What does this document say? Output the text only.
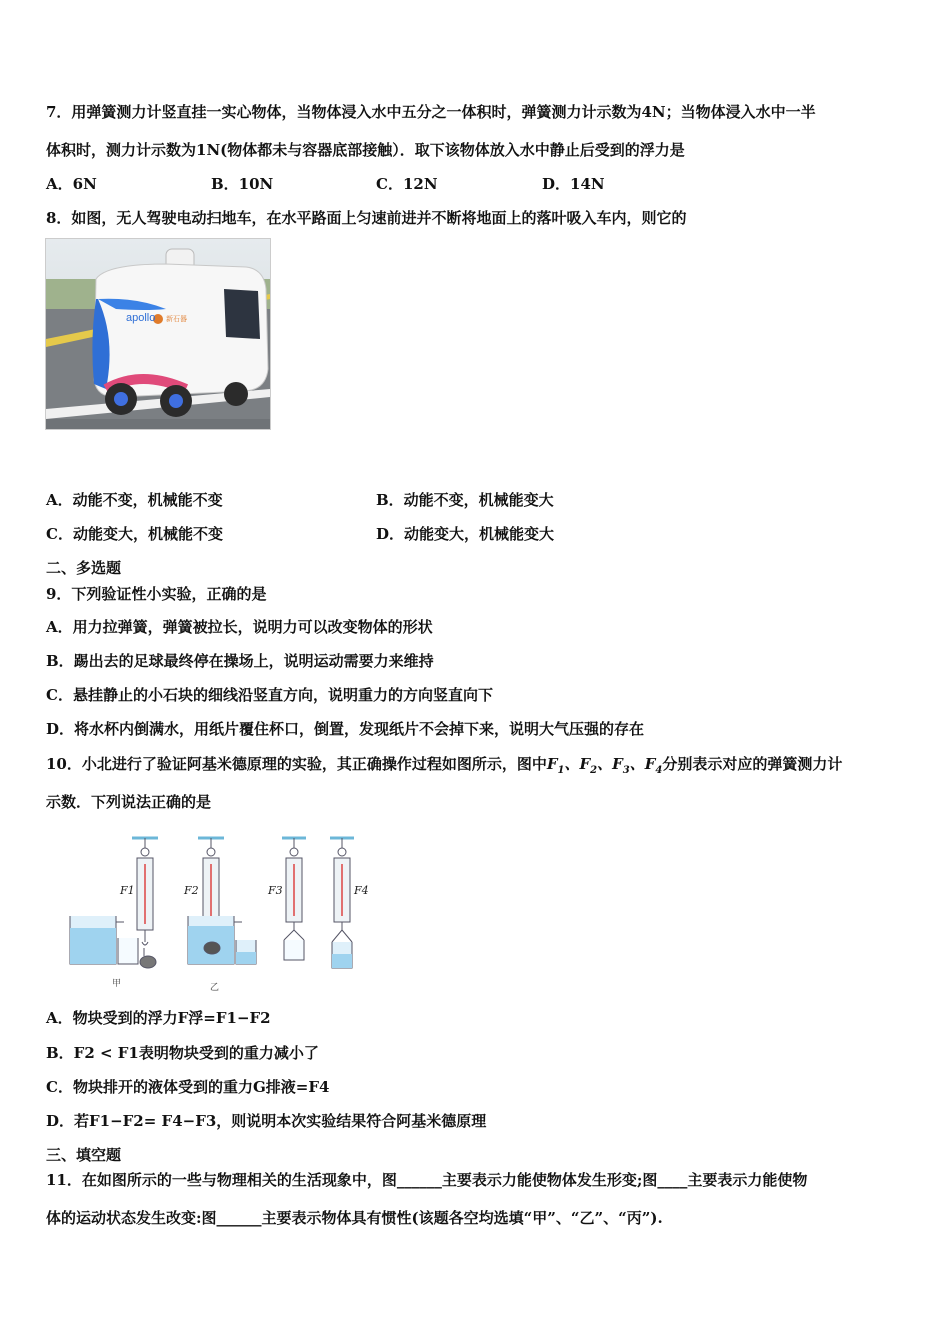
7．用弹簧测力计竖直挂一实心物体，当物体浸入水中五分之一体积时，弹簧测力计示数为4N；当物体浸入水中一半
体积时，测力计示数为1N(物体都未与容器底部接触）．取下该物体放入水中静止后受到的浮力是
A．6N	B．10N	C．12N	D．14N
8．如图，无人驾驶电动扫地车，在水平路面上匀速前进并不断将地面上的落叶吸入车内，则它的
apollo 新石器
A．动能不变，机械能不变	B．动能不变，机械能变大
C．动能变大，机械能不变	D．动能变大，机械能变大
二、多选题
9．下列验证性小实验，正确的是
A．用力拉弹簧，弹簧被拉长，说明力可以改变物体的形状
B．踢出去的足球最终停在操场上，说明运动需要力来维持
C．悬挂静止的小石块的细线沿竖直方向，说明重力的方向竖直向下
D．将水杯内倒满水，用纸片覆住杯口，倒置，发现纸片不会掉下来，说明大气压强的存在
10．小北进行了验证阿基米德原理的实验，其正确操作过程如图所示，图中$F_1$、$F_2$、$F_3$、$F_4$分别表示对应的弹簧测力计
示数．下列说法正确的是
F1	F2	F3	F4
甲	乙
A．物块受到的浮力F浮=F1−F2
B．F2 < F1表明物块受到的重力减小了
C．物块排开的液体受到的重力G排液=F4
D．若F1−F2= F4−F3，则说明本次实验结果符合阿基米德原理
三、填空题
11．在如图所示的一些与物理相关的生活现象中，图______主要表示力能使物体发生形变;图____主要表示力能使物
体的运动状态发生改变:图______主要表示物体具有惯性(该题各空均选填“甲”、“乙”、“丙”).
